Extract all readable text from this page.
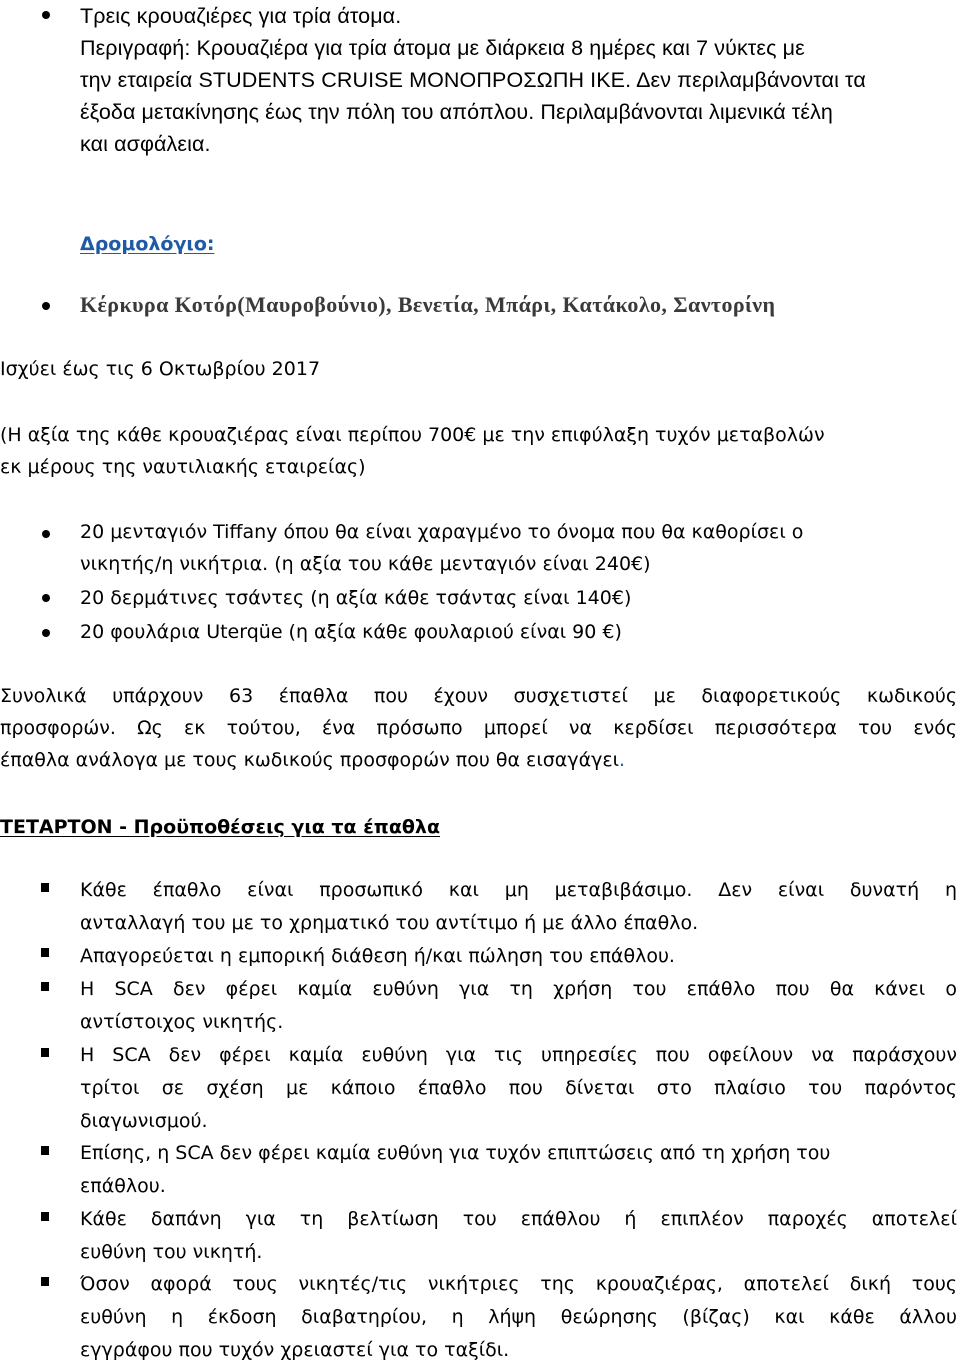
Τρεις κρουαζιέρες για τρία άτομα.
Περιγραφή: Κρουαζιέρα για τρία άτομα με διάρκεια 8 ημέρες και 7 νύκτες με
την εταιρεία STUDENTS CRUISE ΜΟΝΟΠΡΟΣΩΠΗ ΙΚΕ. Δεν περιλαμβάνονται τα
έξοδα μετακίνησης έως την πόλη του απόπλου. Περιλαμβάνονται λιμενικά τέλη
και ασφάλεια.
Δρομολόγιο:
Κέρκυρα Κοτόρ(Μαυροβούνιο), Βενετία, Μπάρι, Κατάκολο, Σαντορίνη
Ισχύει έως τις 6 Οκτωβρίου 2017
(Η αξία της κάθε κρουαζιέρας είναι περίπου 700€ με την επιφύλαξη τυχόν μεταβολών
εκ μέρους της ναυτιλιακής εταιρείας)
20 μενταγιόν Tiffany όπου θα είναι χαραγμένο το όνομα που θα καθορίσει ο
νικητής/η νικήτρια. (η αξία του κάθε μενταγιόν είναι 240€)
20 δερμάτινες τσάντες (η αξία κάθε τσάντας είναι 140€)
20 φουλάρια Uterqüe (η αξία κάθε φουλαριού είναι 90 €)
Συνολικά υπάρχουν 63 έπαθλα που έχουν συσχετιστεί με διαφορετικούς κωδικούς
προσφορών. Ως εκ τούτου, ένα πρόσωπο μπορεί να κερδίσει περισσότερα του ενός
έπαθλα ανάλογα με τους κωδικούς προσφορών που θα εισαγάγει.
ΤΕΤΑΡΤΟΝ - Προϋποθέσεις για τα έπαθλα
Κάθε έπαθλο είναι προσωπικό και μη μεταβιβάσιμο. Δεν είναι δυνατή η
ανταλλαγή του με το χρηματικό του αντίτιμο ή με άλλο έπαθλο.
Απαγορεύεται η εμπορική διάθεση ή/και πώληση του επάθλου.
Η SCA δεν φέρει καμία ευθύνη για τη χρήση του επάθλο που θα κάνει ο
αντίστοιχος νικητής.
Η SCA δεν φέρει καμία ευθύνη για τις υπηρεσίες που οφείλουν να παράσχουν
τρίτοι σε σχέση με κάποιο έπαθλο που δίνεται στο πλαίσιο του παρόντος
διαγωνισμού.
Επίσης, η SCA δεν φέρει καμία ευθύνη για τυχόν επιπτώσεις από τη χρήση του
επάθλου.
Κάθε δαπάνη για τη βελτίωση του επάθλου ή επιπλέον παροχές αποτελεί
ευθύνη του νικητή.
Όσον αφορά τους νικητές/τις νικήτριες της κρουαζιέρας, αποτελεί δική τους
ευθύνη η έκδοση διαβατηρίου, η λήψη θεώρησης (βίζας) και κάθε άλλου
εγγράφου που τυχόν χρειαστεί για το ταξίδι.
